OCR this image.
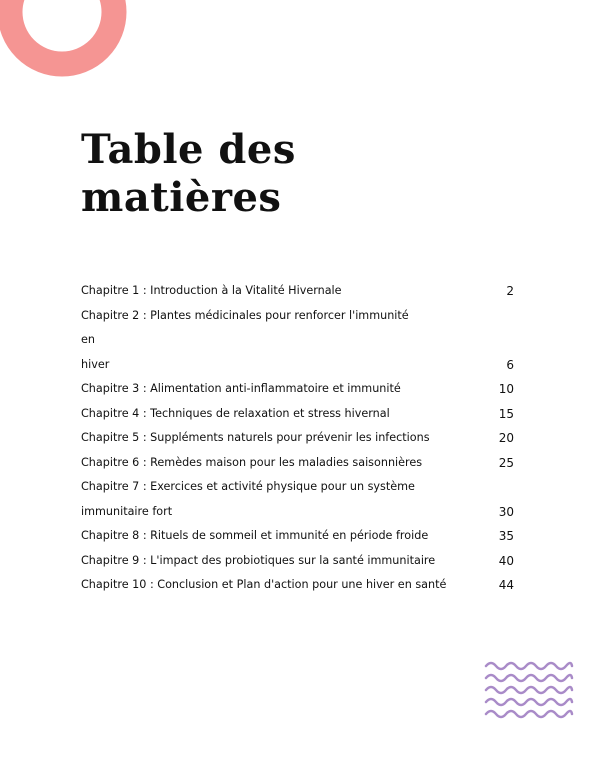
Table des
matières
Chapitre 1 : Introduction à la Vitalité Hivernale	2
Chapitre 2 : Plantes médicinales pour renforcer l'immunité en
hiver	6
Chapitre 3 : Alimentation anti-inflammatoire et immunité	10
Chapitre 4 : Techniques de relaxation et stress hivernal	15
Chapitre 5 : Suppléments naturels pour prévenir les infections	20
Chapitre 6 : Remèdes maison pour les maladies saisonnières	25
Chapitre 7 : Exercices et activité physique pour un système
immunitaire fort	30
Chapitre 8 : Rituels de sommeil et immunité en période froide	35
Chapitre 9 : L'impact des probiotiques sur la santé immunitaire	40
Chapitre 10 : Conclusion et Plan d'action pour une hiver en santé	44
